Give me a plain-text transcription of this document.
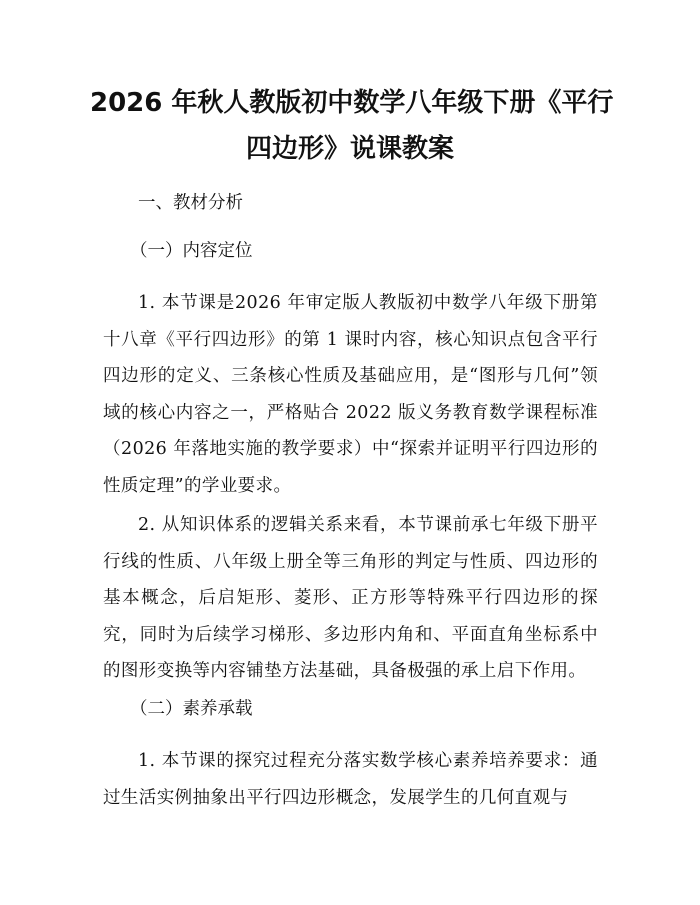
2026 年秋人教版初中数学八年级下册《平行
四边形》说课教案
一、教材分析
（一）内容定位
1. 本节课是2026 年审定版人教版初中数学八年级下册第十八章《平行四边形》的第 1 课时内容，核心知识点包含平行四边形的定义、三条核心性质及基础应用，是“图形与几何”领域的核心内容之一，严格贴合 2022 版义务教育数学课程标准（2026 年落地实施的教学要求）中“探索并证明平行四边形的性质定理”的学业要求。
2. 从知识体系的逻辑关系来看，本节课前承七年级下册平行线的性质、八年级上册全等三角形的判定与性质、四边形的基本概念，后启矩形、菱形、正方形等特殊平行四边形的探究，同时为后续学习梯形、多边形内角和、平面直角坐标系中的图形变换等内容铺垫方法基础，具备极强的承上启下作用。
（二）素养承载
1. 本节课的探究过程充分落实数学核心素养培养要求：通过生活实例抽象出平行四边形概念，发展学生的几何直观与
